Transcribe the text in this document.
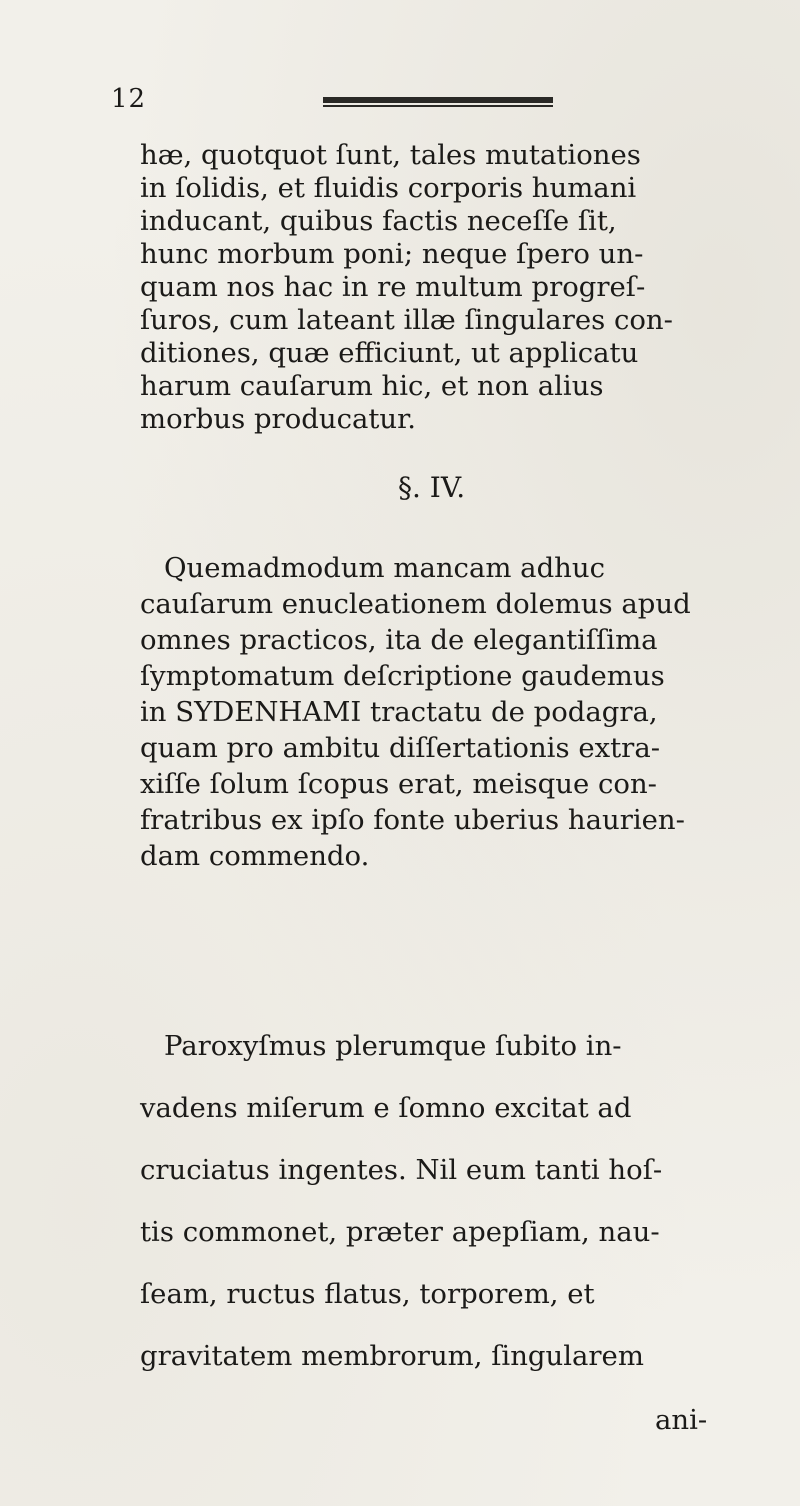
12
hæ, quotquot ſunt, tales mutationes
in ſolidis, et fluidis corporis humani
inducant, quibus factis neceſſe ſit,
hunc morbum poni; neque ſpero un-
quam nos hac in re multum progreſ-
ſuros, cum lateant illæ ſingulares con-
ditiones, quæ efficiunt, ut applicatu
harum cauſarum hic, et non alius
morbus producatur.
§. IV.
Quemadmodum mancam adhuc
cauſarum enucleationem dolemus apud
omnes practicos, ita de elegantiſſima
ſymptomatum deſcriptione gaudemus
in SYDENHAMI tractatu de podagra,
quam pro ambitu diſſertationis extra-
xiſſe ſolum ſcopus erat, meisque con-
fratribus ex ipſo fonte uberius haurien-
dam commendo.
Paroxyſmus plerumque ſubito in-
vadens miſerum e ſomno excitat ad
cruciatus ingentes. Nil eum tanti hoſ-
tis commonet, præter apepſiam, nau-
ſeam, ructus flatus, torporem, et
gravitatem membrorum, ſingularem
ani-
